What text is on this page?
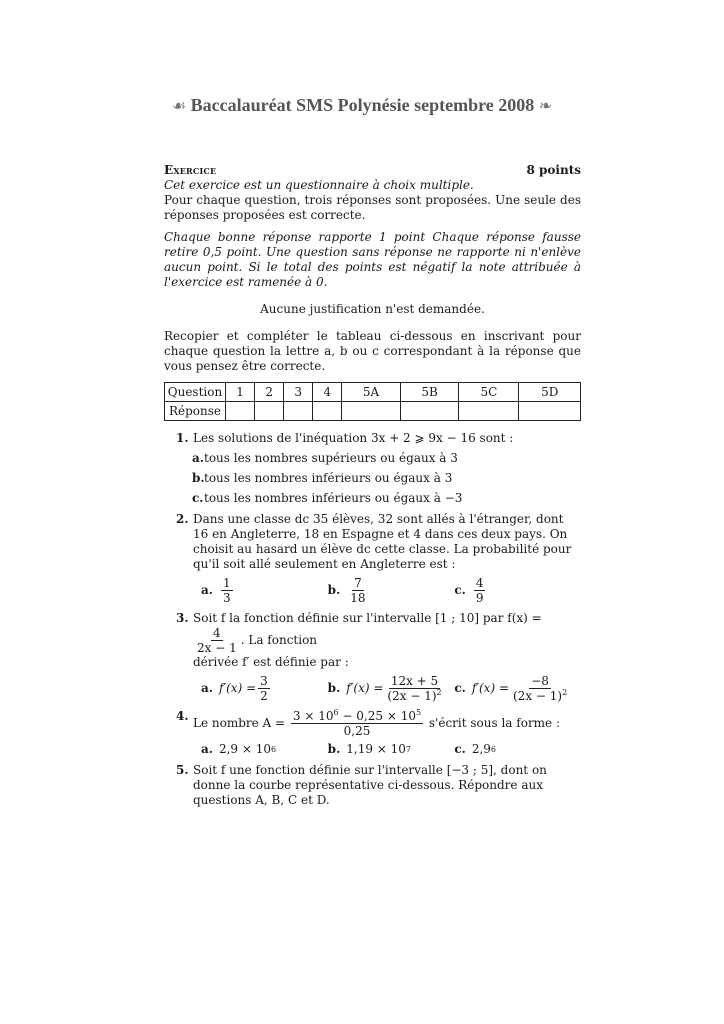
☙ Baccalauréat SMS Polynésie septembre 2008 ❧
Exercice	8 points

Cet exercice est un questionnaire à choix multiple.

Pour chaque question, trois réponses sont proposées. Une seule des réponses proposées est correcte.

Chaque bonne réponse rapporte 1 point Chaque réponse fausse retire 0,5 point. Une question sans réponse ne rapporte ni n'enlève aucun point. Si le total des points est négatif la note attribuée à l'exercice est ramenée à 0.

Aucune justification n'est demandée.

Recopier et compléter le tableau ci-dessous en inscrivant pour chaque question la lettre a, b ou c correspondant à la réponse que vous pensez être correcte.

Question	1	2	3	4	5A	5B	5C	5D
Réponse								
1. Les solutions de l'inéquation 3x + 2 ⩾ 9x − 16 sont :
a. tous les nombres supérieurs ou égaux à 3
b. tous les nombres inférieurs ou égaux à 3
c. tous les nombres inférieurs ou égaux à −3
2. Dans une classe dc 35 élèves, 32 sont allés à l'étranger, dont 16 en Angleterre, 18 en Espagne et 4 dans ces deux pays. On choisit au hasard un élève dc cette classe. La probabilité pour qu'il soit allé seulement en Angleterre est :
a. $\frac{1}{3}$	b. $\frac{7}{18}$	c. $\frac{4}{9}$
3. Soit f la fonction définie sur l'intervalle [1 ; 10] par f(x) =
$\frac{4}{2x - 1}$ . La fonction
dérivée f′ est définie par :
a. $f'(x) = \frac{3}{2}$	b. $f'(x) = \frac{12x + 5}{(2x - 1)^2} c$. $f'(x) = \frac{-8}{(2x - 1)^2}$
4. Le nombre $A = \frac{3 \times 10^6 - 0,25 \times 10^5}{0,25}$ s'écrit sous la forme :
a. 2,9 × 10 6	b. 1,19 × 10 7	c. 2,9 6
5. Soit f une fonction définie sur l'intervalle [−3 ; 5], dont on donne la courbe représentative ci-dessous. Répondre aux questions A, B, C et D.
